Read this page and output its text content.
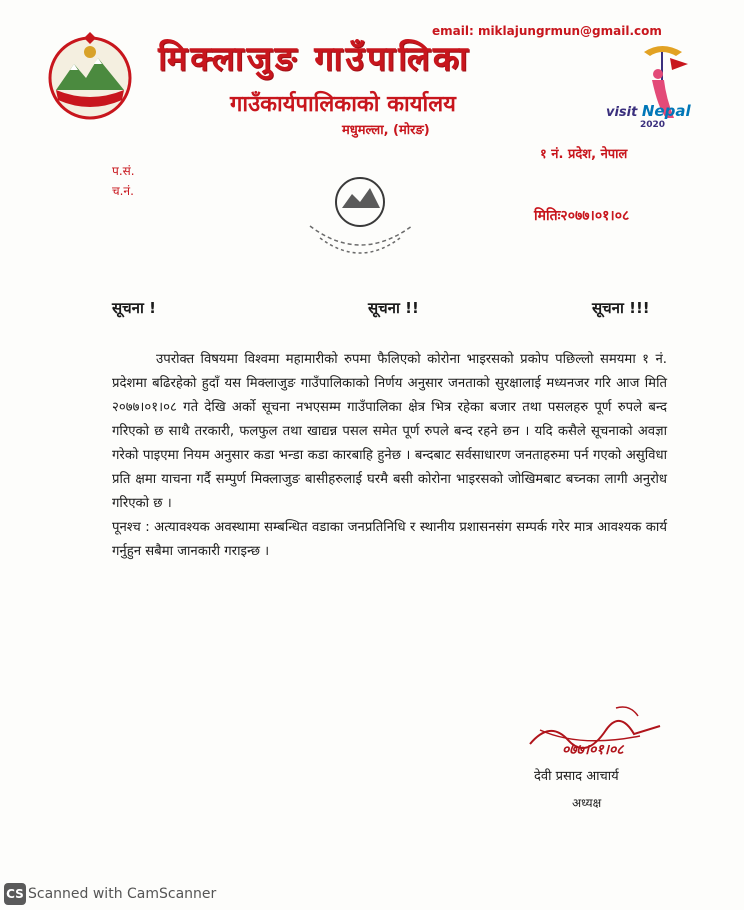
visit Nepal
2020
email: miklajungrmun@gmail.com
मिक्लाजुङ गाउँपालिका
गाउँकार्यपालिकाको कार्यालय
मधुमल्ला, (मोरङ)
१ नं. प्रदेश, नेपाल
प.सं.
च.नं.
मितिः२०७७।०१।०८
सूचना !	सूचना !!	सूचना !!!

उपरोक्त विषयमा विश्वमा महामारीको रुपमा फैलिएको कोरोना भाइरसको प्रकोप पछिल्लो समयमा १ नं. प्रदेशमा बढिरहेको हुदाँ यस मिक्लाजुङ गाउँपालिकाको निर्णय अनुसार जनताको सुरक्षालाई मध्यनजर गरि आज मिति २०७७।०१।०८ गते देखि अर्को सूचना नभएसम्म गाउँपालिका क्षेत्र भित्र रहेका बजार तथा पसलहरु पूर्ण रुपले बन्द गरिएको छ साथै तरकारी, फलफुल तथा खाद्यन्न पसल समेत पूर्ण रुपले बन्द रहने छन । यदि कसैले सूचनाको अवज्ञा गरेको पाइएमा नियम अनुसार कडा भन्डा कडा कारबाहि हुनेछ । बन्दबाट सर्वसाधारण जनताहरुमा पर्न गएको असुविधा प्रति क्षमा याचना गर्दै सम्पुर्ण मिक्लाजुङ बासीहरुलाई घरमै बसी कोरोना भाइरसको जोखिमबाट बच्नका लागी अनुरोध गरिएको छ ।

पूनश्च : अत्यावश्यक अवस्थामा सम्बन्धित वडाका जनप्रतिनिधि र स्थानीय प्रशासनसंग सम्पर्क गरेर मात्र आवश्यक कार्य गर्नुहुन सबैमा जानकारी गराइन्छ ।

०७७।०१।०८
देवी प्रसाद आचार्य
अध्यक्ष
CS Scanned with CamScanner
